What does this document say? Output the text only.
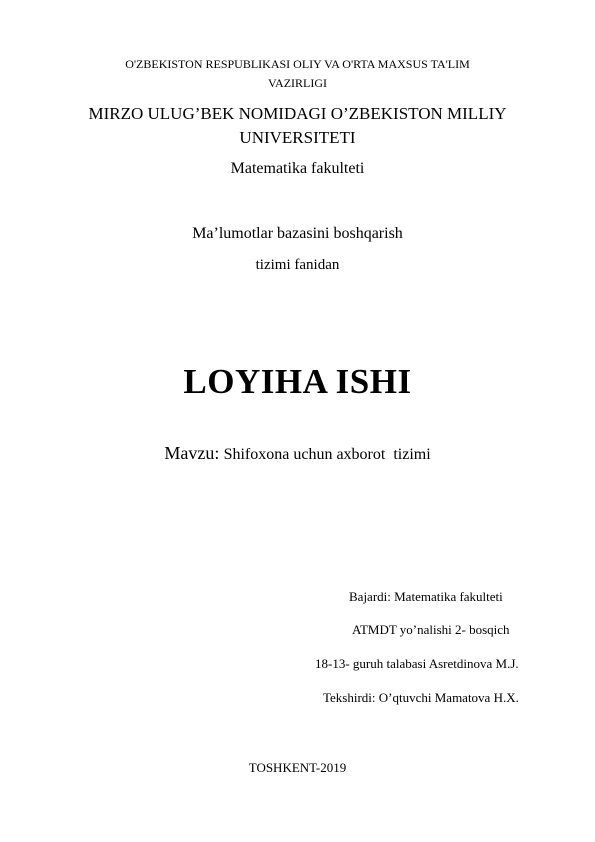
O'ZBEKISTON RESPUBLIKASI OLIY VA O'RTA MAXSUS TA'LIM
VAZIRLIGI
MIRZO ULUG’BEK NOMIDAGI O’ZBEKISTON MILLIY
UNIVERSITETI
Matematika fakulteti
Ma’lumotlar bazasini boshqarish
tizimi fanidan
LOYIHA ISHI
Mavzu: Shifoxona uchun axborot  tizimi
Bajardi: Matematika fakulteti
ATMDT yo’nalishi 2- bosqich
18-13- guruh talabasi Asretdinova M.J.
Tekshirdi: O’qtuvchi Mamatova H.X.
TOSHKENT-2019
